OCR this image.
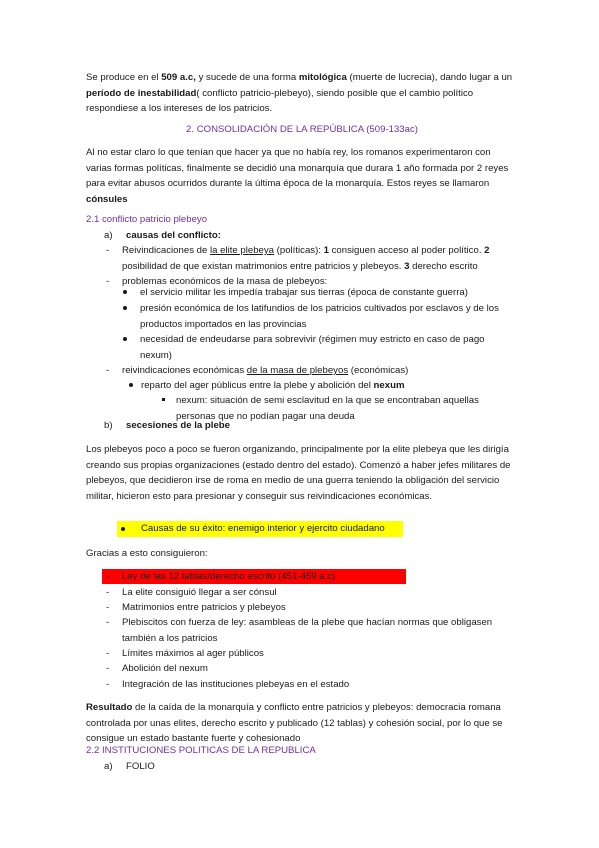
Se produce en el 509 a.c, y sucede de una forma mitológica (muerte de lucrecia), dando lugar a un período de inestabilidad( conflicto patricio-plebeyo), siendo posible que el cambio político respondiese a los intereses de los patricios.

2. CONSOLIDACIÓN DE LA REPÚBLICA (509-133ac)

Al no estar claro lo que tenían que hacer ya que no había rey, los romanos experimentaron con varias formas políticas, finalmente se decidió una monarquía que durara 1 año formada por 2 reyes para evitar abusos ocurridos durante la última época de la monarquía. Estos reyes se llamaron cónsules

2.1 conflicto patricio plebeyo

a) causas del conflicto:
- Reivindicaciones de la elite plebeya (políticas): 1 consiguen acceso al poder político. 2 posibilidad de que existan matrimonios entre patricios y plebeyos. 3 derecho escrito

- problemas económicos de la masa de plebeyos:

el servicio militar les impedía trabajar sus tierras (época de constante guerra)

presión económica de los latifundios de los patricios cultivados por esclavos y de los productos importados en las provincias

necesidad de endeudarse para sobrevivir (régimen muy estricto en caso de pago nexum)

- reivindicaciones económicas de la masa de plebeyos (económicas)

reparto del ager públicus entre la plebe y abolición del nexum

nexum: situación de semi esclavitud en la que se encontraban aquellas personas que no podían pagar una deuda

b) secesiones de la plebe

Los plebeyos poco a poco se fueron organizando, principalmente por la elite plebeya que les dirigía creando sus propias organizaciones (estado dentro del estado). Comenzó a haber jefes militares de plebeyos, que decidieron irse de roma en medio de una guerra teniendo la obligación del servicio militar, hicieron esto para presionar y conseguir sus reivindicaciones económicas.

Causas de su éxito: enemigo interior y ejercito ciudadano

Gracias a esto consiguieron:

- Ley de las 12 tablas/derecho escrito (451-459 a.c)
- La elite consiguió llegar a ser cónsul
- Matrimonios entre patricios y plebeyos
- Plebiscitos con fuerza de ley: asambleas de la plebe que hacían normas que obligasen también a los patricios

- Límites máximos al ager públicos
- Abolición del nexum
- Integración de las instituciones plebeyas en el estado

Resultado de la caída de la monarquía y conflicto entre patricios y plebeyos: democracia romana controlada por unas elites, derecho escrito y publicado (12 tablas) y cohesión social, por lo que se consigue un estado bastante fuerte y cohesionado

2.2 INSTITUCIONES POLITICAS DE LA REPUBLICA

a) FOLIO
